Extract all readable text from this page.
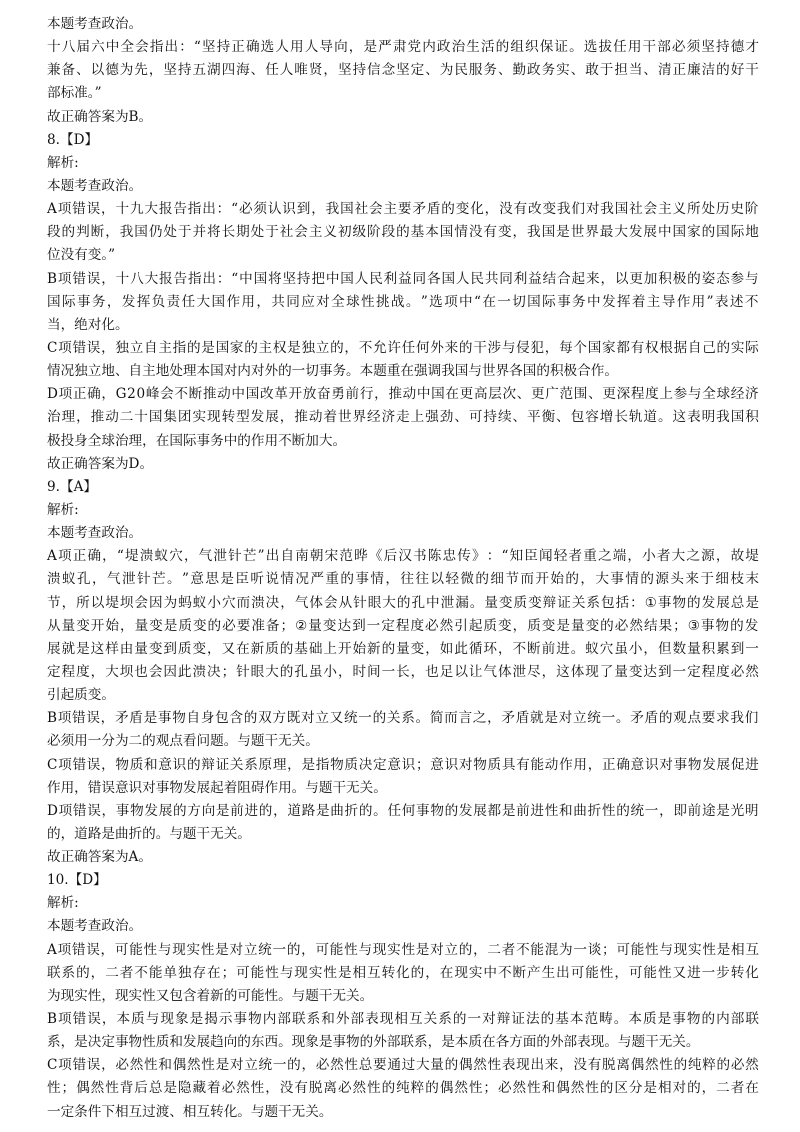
本题考查政治。
十 八 届 六 中 全 会 指 出 ： “ 坚 持 正 确 选 人 用 人 导 向 ， 是 严 肃 党 内 政 治 生 活 的 组 织 保 证 。 选 拔 任 用 干 部 必 须 坚 持 德 才
兼 备 、 以 德 为 先 ， 坚 持 五 湖 四 海 、 任 人 唯 贤 ， 坚 持 信 念 坚 定 、 为 民 服 务 、 勤 政 务 实 、 敢 于 担 当 、 清 正 廉 洁 的 好 干
部标准。”
故正确答案为B。
8.【D】
解析:
本题考查政治。
A 项 错 误 ， 十 九 大 报 告 指 出 ： “ 必 须 认 识 到 ， 我 国 社 会 主 要 矛 盾 的 变 化 ， 没 有 改 变 我 们 对 我 国 社 会 主 义 所 处 历 史 阶
段 的 判 断 ， 我 国 仍 处 于 并 将 长 期 处 于 社 会 主 义 初 级 阶 段 的 基 本 国 情 没 有 变 ， 我 国 是 世 界 最 大 发 展 中 国 家 的 国 际 地
位没有变。”
B 项 错 误 ， 十 八 大 报 告 指 出 ： “ 中 国 将 坚 持 把 中 国 人 民 利 益 同 各 国 人 民 共 同 利 益 结 合 起 来 ， 以 更 加 积 极 的 姿 态 参 与
国 际 事 务 ， 发 挥 负 责 任 大 国 作 用 ， 共 同 应 对 全 球 性 挑 战 。 ” 选 项 中 “ 在 一 切 国 际 事 务 中 发 挥 着 主 导 作 用 ” 表 述 不
当，绝对化。
C 项 错 误 ， 独 立 自 主 指 的 是 国 家 的 主 权 是 独 立 的 ， 不 允 许 任 何 外 来 的 干 涉 与 侵 犯 ， 每 个 国 家 都 有 权 根 据 自 己 的 实 际
情况独立地、自主地处理本国对内对外的一切事务。本题重在强调我国与世界各国的积极合作。
D 项 正 确 ， G 2 0 峰 会 不 断 推 动 中 国 改 革 开 放 奋 勇 前 行 ， 推 动 中 国 在 更 高 层 次 、 更 广 范 围 、 更 深 程 度 上 参 与 全 球 经 济
治 理 ， 推 动 二 十 国 集 团 实 现 转 型 发 展 ， 推 动 着 世 界 经 济 走 上 强 劲 、 可 持 续 、 平 衡 、 包 容 增 长 轨 道 。 这 表 明 我 国 积
极投身全球治理，在国际事务中的作用不断加大。
故正确答案为D。
9.【A】
解析:
本题考查政治。
A 项 正 确 ， “ 堤 溃 蚁 穴 ， 气 泄 针 芒 ” 出 自 南 朝 宋 范 晔 《 后 汉 书 陈 忠 传 》 ： “ 知 臣 闻 轻 者 重 之 端 ， 小 者 大 之 源 ， 故 堤
溃 蚁 孔 ， 气 泄 针 芒 。 ” 意 思 是 臣 听 说 情 况 严 重 的 事 情 ， 往 往 以 轻 微 的 细 节 而 开 始 的 ， 大 事 情 的 源 头 来 于 细 枝 末
节 ， 所 以 堤 坝 会 因 为 蚂 蚁 小 穴 而 溃 决 ， 气 体 会 从 针 眼 大 的 孔 中 泄 漏 。 量 变 质 变 辩 证 关 系 包 括 ： ① 事 物 的 发 展 总 是
从 量 变 开 始 ， 量 变 是 质 变 的 必 要 准 备 ； ② 量 变 达 到 一 定 程 度 必 然 引 起 质 变 ， 质 变 是 量 变 的 必 然 结 果 ； ③ 事 物 的 发
展 就 是 这 样 由 量 变 到 质 变 ， 又 在 新 质 的 基 础 上 开 始 新 的 量 变 ， 如 此 循 环 ， 不 断 前 进 。 蚁 穴 虽 小 ， 但 数 量 积 累 到 一
定 程 度 ， 大 坝 也 会 因 此 溃 决 ； 针 眼 大 的 孔 虽 小 ， 时 间 一 长 ， 也 足 以 让 气 体 泄 尽 ， 这 体 现 了 量 变 达 到 一 定 程 度 必 然
引起质变。
B 项 错 误 ， 矛 盾 是 事 物 自 身 包 含 的 双 方 既 对 立 又 统 一 的 关 系 。 简 而 言 之 ， 矛 盾 就 是 对 立 统 一 。 矛 盾 的 观 点 要 求 我 们
必须用一分为二的观点看问题。与题干无关。
C 项 错 误 ， 物 质 和 意 识 的 辩 证 关 系 原 理 ， 是 指 物 质 决 定 意 识 ； 意 识 对 物 质 具 有 能 动 作 用 ， 正 确 意 识 对 事 物 发 展 促 进
作用，错误意识对事物发展起着阻碍作用。与题干无关。
D 项 错 误 ， 事 物 发 展 的 方 向 是 前 进 的 ， 道 路 是 曲 折 的 。 任 何 事 物 的 发 展 都 是 前 进 性 和 曲 折 性 的 统 一 ， 即 前 途 是 光 明
的，道路是曲折的。与题干无关。
故正确答案为A。
10.【D】
解析:
本题考查政治。
A 项 错 误 ， 可 能 性 与 现 实 性 是 对 立 统 一 的 ， 可 能 性 与 现 实 性 是 对 立 的 ， 二 者 不 能 混 为 一 谈 ； 可 能 性 与 现 实 性 是 相 互
联 系 的 ， 二 者 不 能 单 独 存 在 ； 可 能 性 与 现 实 性 是 相 互 转 化 的 ， 在 现 实 中 不 断 产 生 出 可 能 性 ， 可 能 性 又 进 一 步 转 化
为现实性，现实性又包含着新的可能性。与题干无关。
B 项 错 误 ， 本 质 与 现 象 是 揭 示 事 物 内 部 联 系 和 外 部 表 现 相 互 关 系 的 一 对 辩 证 法 的 基 本 范 畴 。 本 质 是 事 物 的 内 部 联
系，是决定事物性质和发展趋向的东西。现象是事物的外部联系，是本质在各方面的外部表现。与题干无关。
C 项 错 误 ， 必 然 性 和 偶 然 性 是 对 立 统 一 的 ， 必 然 性 总 要 通 过 大 量 的 偶 然 性 表 现 出 来 ， 没 有 脱 离 偶 然 性 的 纯 粹 的 必 然
性 ； 偶 然 性 背 后 总 是 隐 藏 着 必 然 性 ， 没 有 脱 离 必 然 性 的 纯 粹 的 偶 然 性 ； 必 然 性 和 偶 然 性 的 区 分 是 相 对 的 ， 二 者 在
一定条件下相互过渡、相互转化。与题干无关。
